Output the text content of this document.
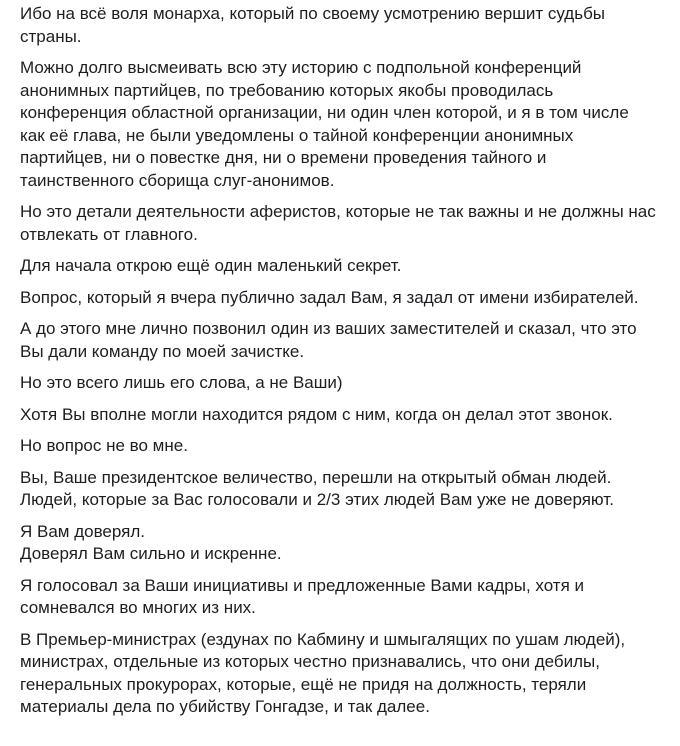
Ибо на всё воля монарха, который по своему усмотрению вершит судьбы
страны.

Можно долго высмеивать всю эту историю с подпольной конференций
анонимных партийцев, по требованию которых якобы проводилась
конференция областной организации, ни один член которой, и я в том числе
как её глава, не были уведомлены о тайной конференции анонимных
партийцев, ни о повестке дня, ни о времени проведения тайного и
таинственного сборища слуг-анонимов.

Но это детали деятельности аферистов, которые не так важны и не должны нас
отвлекать от главного.

Для начала открою ещё один маленький секрет.

Вопрос, который я вчера публично задал Вам, я задал от имени избирателей.

А до этого мне лично позвонил один из ваших заместителей и сказал, что это
Вы дали команду по моей зачистке.

Но это всего лишь его слова, а не Ваши)

Хотя Вы вполне могли находится рядом с ним, когда он делал этот звонок.

Но вопрос не во мне.

Вы, Ваше президентское величество, перешли на открытый обман людей.
Людей, которые за Вас голосовали и 2/3 этих людей Вам уже не доверяют.

Я Вам доверял.
Доверял Вам сильно и искренне.

Я голосовал за Ваши инициативы и предложенные Вами кадры, хотя и
сомневался во многих из них.

В Премьер-министрах (ездунах по Кабмину и шмыгалящих по ушам людей),
министрах, отдельные из которых честно признавались, что они дебилы,
генеральных прокурорах, которые, ещё не придя на должность, теряли
материалы дела по убийству Гонгадзе, и так далее.
